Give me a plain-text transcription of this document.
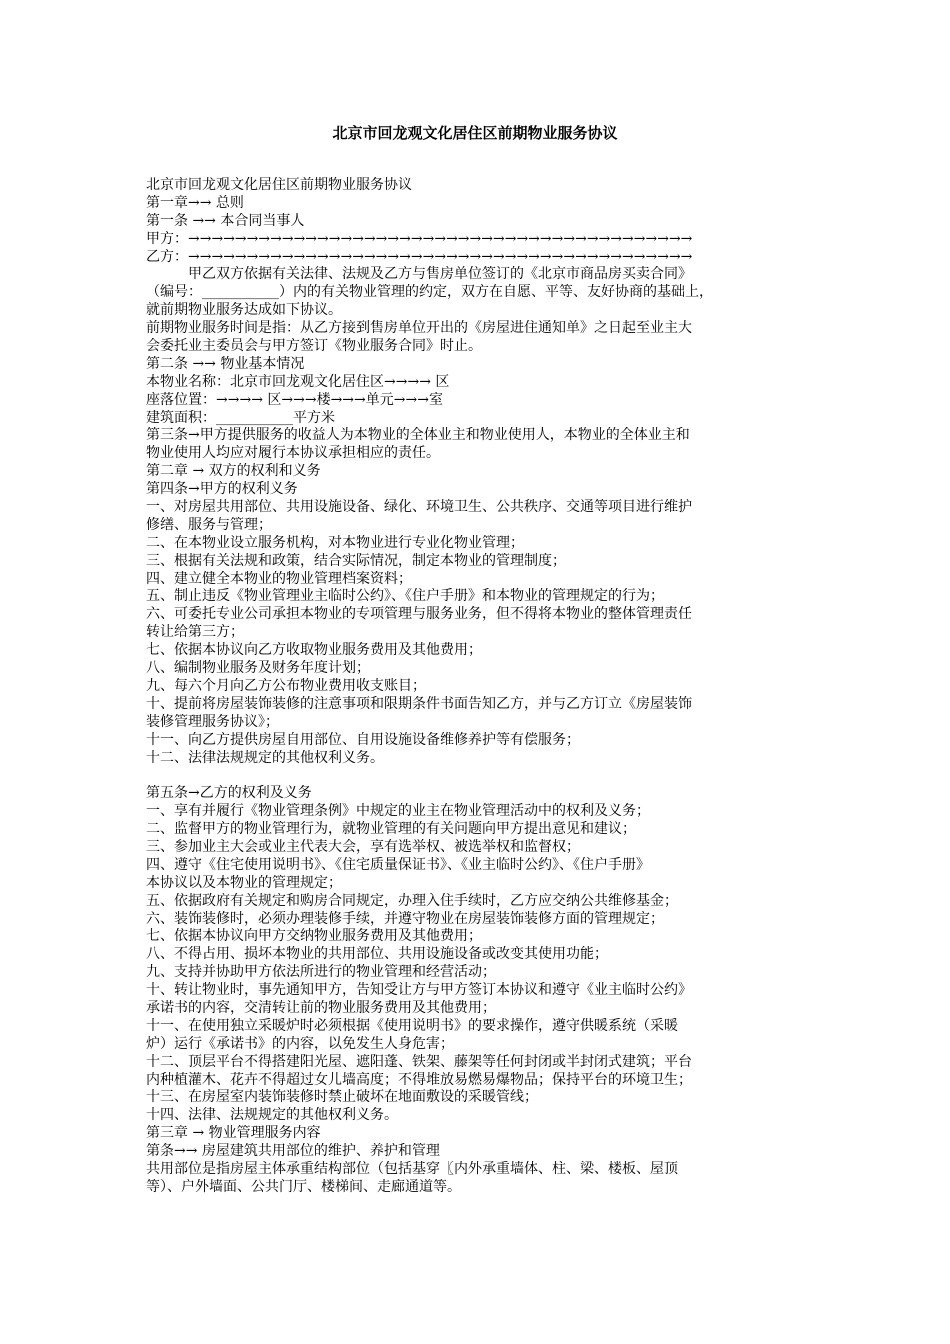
北京市回龙观文化居住区前期物业服务协议
北京市回龙观文化居住区前期物业服务协议
第一章→→ 总则
第一条 →→ 本合同当事人
甲方：→→→→→→→→→→→→→→→→→→→→→→→→→→→→→→→→→→→→→→→→→→→
乙方：→→→→→→→→→→→→→→→→→→→→→→→→→→→→→→→→→→→→→→→→→→→
　　　甲乙双方依据有关法律、法规及乙方与售房单位签订的《北京市商品房买卖合同》
（编号：___________）内的有关物业管理的约定，双方在自愿、平等、友好协商的基础上，
就前期物业服务达成如下协议。
前期物业服务时间是指：从乙方接到售房单位开出的《房屋进住通知单》之日起至业主大
会委托业主委员会与甲方签订《物业服务合同》时止。
第二条 →→ 物业基本情况
本物业名称：北京市回龙观文化居住区→→→→ 区
座落位置：→→→→ 区→→→楼→→→单元→→→室
建筑面积：___________平方米
第三条→甲方提供服务的收益人为本物业的全体业主和物业使用人，本物业的全体业主和
物业使用人均应对履行本协议承担相应的责任。
第二章 → 双方的权利和义务
第四条→甲方的权利义务
一、对房屋共用部位、共用设施设备、绿化、环境卫生、公共秩序、交通等项目进行维护
修缮、服务与管理；
二、在本物业设立服务机构，对本物业进行专业化物业管理；
三、根据有关法规和政策，结合实际情况，制定本物业的管理制度；
四、建立健全本物业的物业管理档案资料；
五、制止违反《物业管理业主临时公约》、《住户手册》和本物业的管理规定的行为；
六、可委托专业公司承担本物业的专项管理与服务业务，但不得将本物业的整体管理责任
转让给第三方；
七、依据本协议向乙方收取物业服务费用及其他费用；
八、编制物业服务及财务年度计划；
九、每六个月向乙方公布物业费用收支账目；
十、提前将房屋装饰装修的注意事项和限期条件书面告知乙方，并与乙方订立《房屋装饰
装修管理服务协议》；
十一、向乙方提供房屋自用部位、自用设施设备维修养护等有偿服务；
十二、法律法规规定的其他权利义务。
第五条→乙方的权利及义务
一、享有并履行《物业管理条例》中规定的业主在物业管理活动中的权利及义务；
二、监督甲方的物业管理行为，就物业管理的有关问题向甲方提出意见和建议；
三、参加业主大会或业主代表大会，享有选举权、被选举权和监督权；
四、遵守《住宅使用说明书》、《住宅质量保证书》、《业主临时公约》、《住户手册》
本协议以及本物业的管理规定；
五、依据政府有关规定和购房合同规定，办理入住手续时，乙方应交纳公共维修基金；
六、装饰装修时，必须办理装修手续，并遵守物业在房屋装饰装修方面的管理规定；
七、依据本协议向甲方交纳物业服务费用及其他费用；
八、不得占用、损坏本物业的共用部位、共用设施设备或改变其使用功能；
九、支持并协助甲方依法所进行的物业管理和经营活动；
十、转让物业时，事先通知甲方，告知受让方与甲方签订本协议和遵守《业主临时公约》
承诺书的内容，交清转让前的物业服务费用及其他费用；
十一、在使用独立采暖炉时必须根据《使用说明书》的要求操作，遵守供暖系统（采暖
炉）运行《承诺书》的内容，以免发生人身危害；
十二、顶层平台不得搭建阳光屋、遮阳蓬、铁架、藤架等任何封闭或半封闭式建筑；平台
内种植灌木、花卉不得超过女儿墙高度；不得堆放易燃易爆物品；保持平台的环境卫生；
十三、在房屋室内装饰装修时禁止破坏在地面敷设的采暖管线；
十四、法律、法规规定的其他权利义务。
第三章 → 物业管理服务内容
第条→→ 房屋建筑共用部位的维护、养护和管理
共用部位是指房屋主体承重结构部位（包括基穿〖内外承重墙体、柱、梁、楼板、屋顶
等）、户外墙面、公共门厅、楼梯间、走廊通道等。
